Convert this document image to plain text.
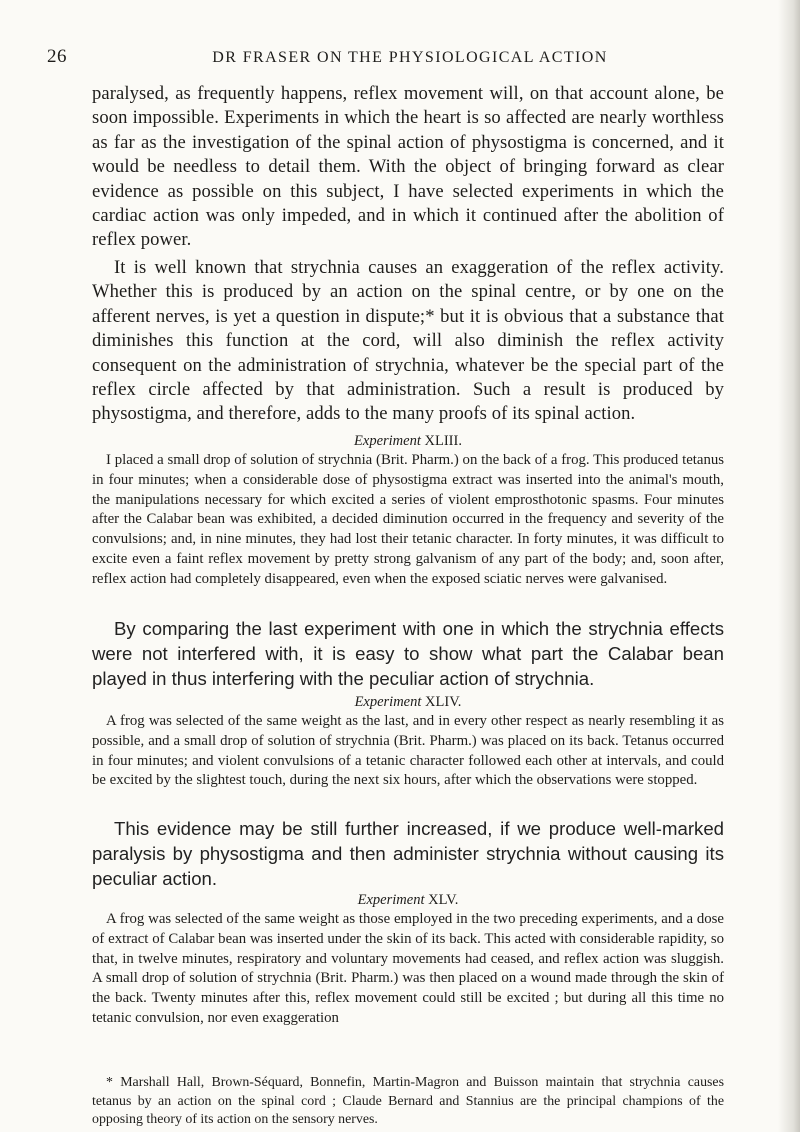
26	DR FRASER ON THE PHYSIOLOGICAL ACTION

paralysed, as frequently happens, reflex movement will, on that account alone, be soon impossible. Experiments in which the heart is so affected are nearly worthless as far as the investigation of the spinal action of physostigma is concerned, and it would be needless to detail them. With the object of bringing forward as clear evidence as possible on this subject, I have selected experiments in which the cardiac action was only impeded, and in which it continued after the abolition of reflex power.

It is well known that strychnia causes an exaggeration of the reflex activity. Whether this is produced by an action on the spinal centre, or by one on the afferent nerves, is yet a question in dispute;* but it is obvious that a substance that diminishes this function at the cord, will also diminish the reflex activity consequent on the administration of strychnia, whatever be the special part of the reflex circle affected by that administration. Such a result is produced by physostigma, and therefore, adds to the many proofs of its spinal action.

Experiment XLIII.

I placed a small drop of solution of strychnia (Brit. Pharm.) on the back of a frog. This produced tetanus in four minutes; when a considerable dose of physostigma extract was inserted into the animal's mouth, the manipulations necessary for which excited a series of violent emprosthotonic spasms. Four minutes after the Calabar bean was exhibited, a decided diminution occurred in the frequency and severity of the convulsions; and, in nine minutes, they had lost their tetanic character. In forty minutes, it was difficult to excite even a faint reflex movement by pretty strong galvanism of any part of the body; and, soon after, reflex action had completely disappeared, even when the exposed sciatic nerves were galvanised.

By comparing the last experiment with one in which the strychnia effects were not interfered with, it is easy to show what part the Calabar bean played in thus interfering with the peculiar action of strychnia.

Experiment XLIV.

A frog was selected of the same weight as the last, and in every other respect as nearly resembling it as possible, and a small drop of solution of strychnia (Brit. Pharm.) was placed on its back. Tetanus occurred in four minutes; and violent convulsions of a tetanic character followed each other at intervals, and could be excited by the slightest touch, during the next six hours, after which the observations were stopped.

This evidence may be still further increased, if we produce well-marked paralysis by physostigma and then administer strychnia without causing its peculiar action.

Experiment XLV.

A frog was selected of the same weight as those employed in the two preceding experiments, and a dose of extract of Calabar bean was inserted under the skin of its back. This acted with considerable rapidity, so that, in twelve minutes, respiratory and voluntary movements had ceased, and reflex action was sluggish. A small drop of solution of strychnia (Brit. Pharm.) was then placed on a wound made through the skin of the back. Twenty minutes after this, reflex movement could still be excited ; but during all this time no tetanic convulsion, nor even exaggeration

* Marshall Hall, Brown-Séquard, Bonnefin, Martin-Magron and Buisson maintain that strychnia causes tetanus by an action on the spinal cord ; Claude Bernard and Stannius are the principal champions of the opposing theory of its action on the sensory nerves.
